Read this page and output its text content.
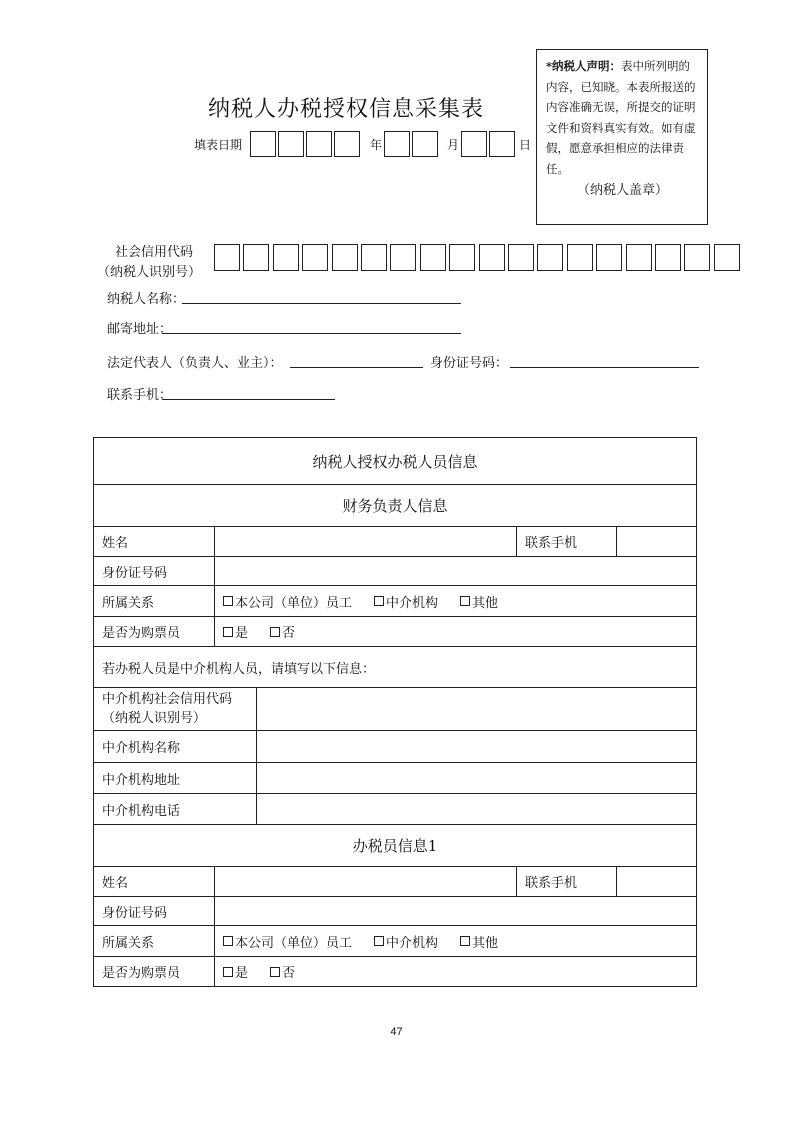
*纳税人声明：表中所列明的内容，已知晓。本表所报送的内容准确无误，所提交的证明文件和资料真实有效。如有虚假，愿意承担相应的法律责任。
（纳税人盖章）
纳税人办税授权信息采集表
填表日期	年	月	日
社会信用代码
（纳税人识别号）
纳税人名称：
邮寄地址：
法定代表人（负责人、业主）：	身份证号码：
联系手机：
纳税人授权办税人员信息
财务负责人信息
姓名	联系手机
身份证号码
所属关系	本公司（单位）员工	中介机构	其他
是否为购票员	是	否
若办税人员是中介机构人员，请填写以下信息：
中介机构社会信用代码（纳税人识别号）
中介机构名称
中介机构地址
中介机构电话
办税员信息1
姓名	联系手机
身份证号码
所属关系	本公司（单位）员工	中介机构	其他
是否为购票员	是	否
47
